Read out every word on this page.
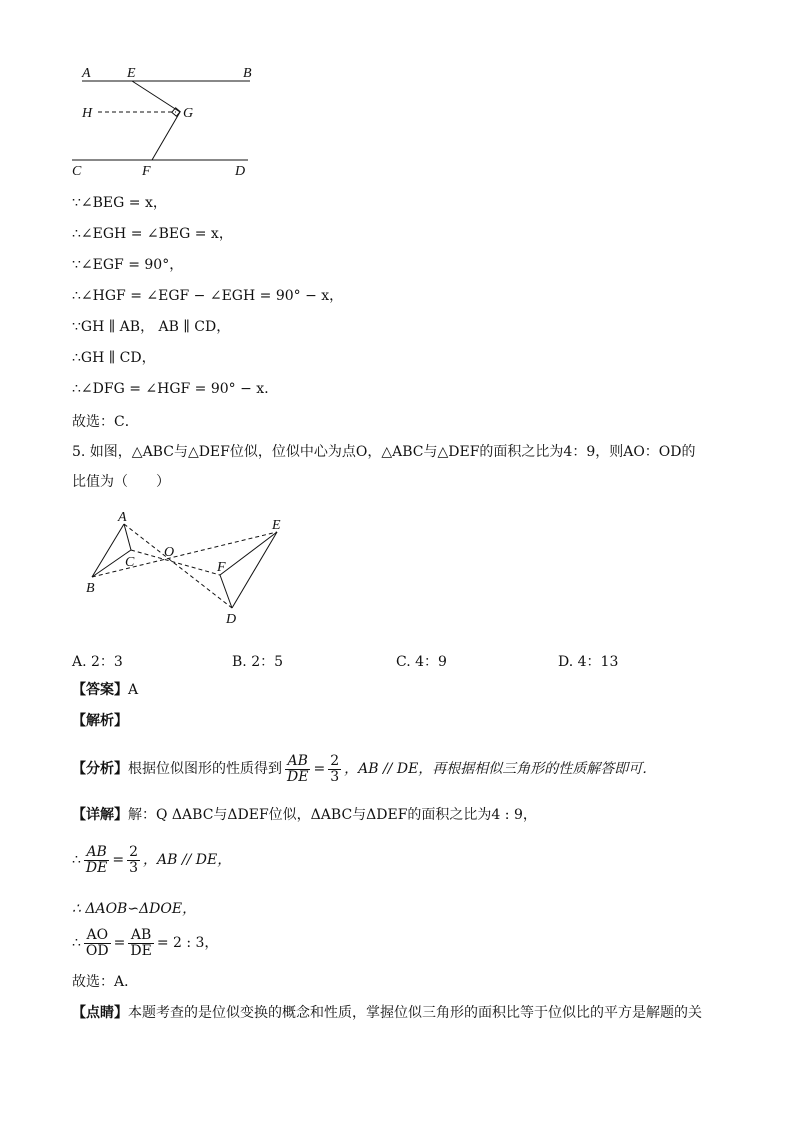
A	E	B
H	G
C	F	D
∵∠BEG = x，
∴∠EGH = ∠BEG = x，
∵∠EGF = 90°，
∴∠HGF = ∠EGF − ∠EGH = 90° − x，
∵GH ∥ AB， AB ∥ CD，
∴GH ∥ CD，
∴∠DFG = ∠HGF = 90° − x．
故选：C．
5. 如图，△ABC与△DEF位似，位似中心为点O，△ABC与△DEF的面积之比为4：9，则AO：OD的
比值为（　　）
A
B
C
O
E
F
D
A. 2：3	B. 2：5	C. 4：9	D. 4：13
【答案】A
【解析】
【分析】根据位似图形的性质得到 $\frac{AB}{DE} = \frac{2}{3}$ ，AB // DE，再根据相似三角形的性质解答即可．
【详解】解：Q ΔABC与ΔDEF位似，ΔABC与ΔDEF的面积之比为4 : 9，
∴ $\frac{AB}{DE} = \frac{2}{3}$ ，AB // DE，
∴ ΔAOB∽ΔDOE，
∴ $\frac{AO}{OD} = \frac{AB}{DE} = 2$ : 3，
故选：A．
【点睛】本题考查的是位似变换的概念和性质，掌握位似三角形的面积比等于位似比的平方是解题的关
